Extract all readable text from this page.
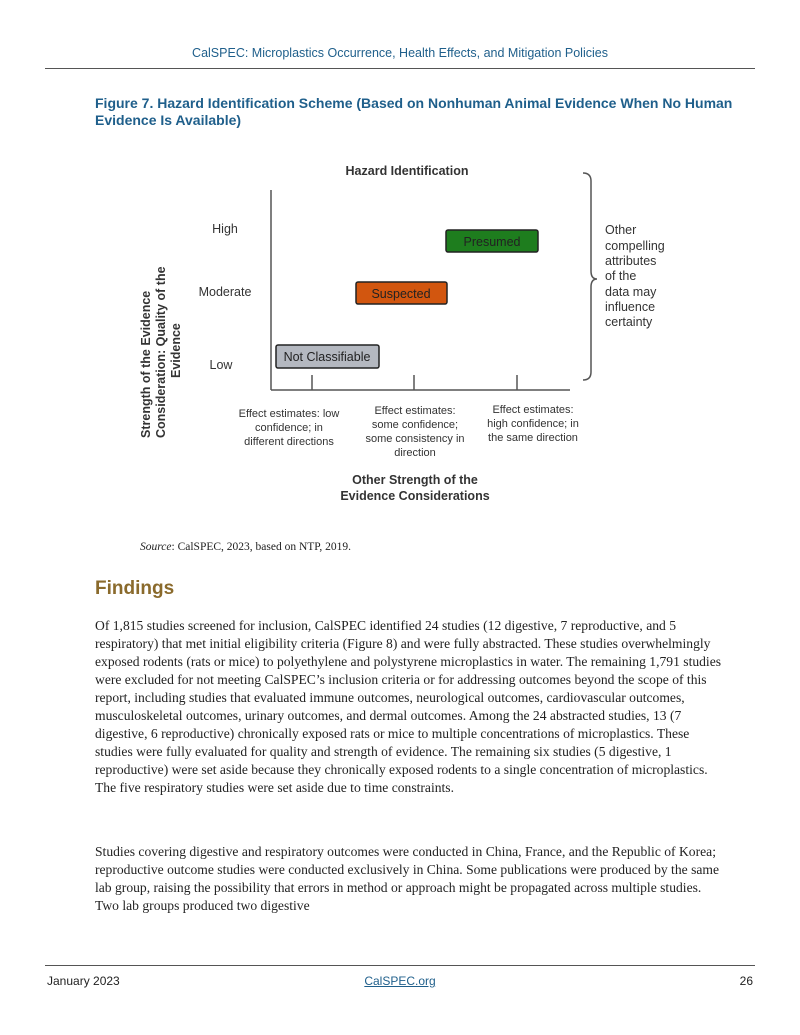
CalSPEC: Microplastics Occurrence, Health Effects, and Mitigation Policies
Figure 7. Hazard Identification Scheme (Based on Nonhuman Animal Evidence When No Human Evidence Is Available)
Hazard Identification
Strength of the Evidence Consideration: Quality of the Evidence
High
Moderate
Low
Presumed
Suspected
Not Classifiable
Effect estimates: low
confidence; in
different directions
Effect estimates:
some confidence;
some consistency in
direction
Effect estimates:
high confidence; in
the same direction
Other Strength of the
Evidence Considerations
Other
compelling
attributes
of the
data may
influence
certainty
Source: CalSPEC, 2023, based on NTP, 2019.
Findings

Of 1,815 studies screened for inclusion, CalSPEC identified 24 studies (12 digestive, 7 reproductive, and 5 respiratory) that met initial eligibility criteria (Figure 8) and were fully abstracted. These studies overwhelmingly exposed rodents (rats or mice) to polyethylene and polystyrene microplastics in water. The remaining 1,791 studies were excluded for not meeting CalSPEC’s inclusion criteria or for addressing outcomes beyond the scope of this report, including studies that evaluated immune outcomes, neurological outcomes, cardiovascular outcomes, musculoskeletal outcomes, urinary outcomes, and dermal outcomes. Among the 24 abstracted studies, 13 (7 digestive, 6 reproductive) chronically exposed rats or mice to multiple concentrations of microplastics. These studies were fully evaluated for quality and strength of evidence. The remaining six studies (5 digestive, 1 reproductive) were set aside because they chronically exposed rodents to a single concentration of microplastics. The five respiratory studies were set aside due to time constraints.

Studies covering digestive and respiratory outcomes were conducted in China, France, and the Republic of Korea; reproductive outcome studies were conducted exclusively in China. Some publications were produced by the same lab group, raising the possibility that errors in method or approach might be propagated across multiple studies. Two lab groups produced two digestive

January 2023	CalSPEC.org	26
